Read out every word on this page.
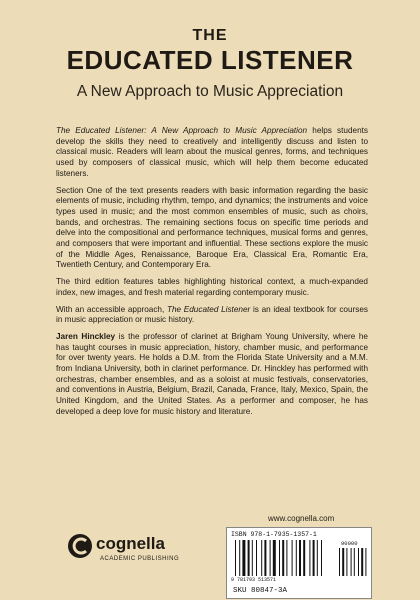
THE
EDUCATED LISTENER
A New Approach to Music Appreciation

The Educated Listener: A New Approach to Music Appreciation helps students develop the skills they need to creatively and intelligently discuss and listen to classical music. Readers will learn about the musical genres, forms, and techniques used by composers of classical music, which will help them become educated listeners.

Section One of the text presents readers with basic information regarding the basic elements of music, including rhythm, tempo, and dynamics; the instruments and voice types used in music; and the most common ensembles of music, such as choirs, bands, and orchestras. The remaining sections focus on specific time periods and delve into the compositional and performance techniques, musical forms and genres, and composers that were important and influential. These sections explore the music of the Middle Ages, Renaissance, Baroque Era, Classical Era, Romantic Era, Twentieth Century, and Contemporary Era.

The third edition features tables highlighting historical context, a much-expanded index, new images, and fresh material regarding contemporary music.

With an accessible approach, The Educated Listener is an ideal textbook for courses in music appreciation or music history.

Jaren Hinckley is the professor of clarinet at Brigham Young University, where he has taught courses in music appreciation, history, chamber music, and performance for over twenty years. He holds a D.M. from the Florida State University and a M.M. from Indiana University, both in clarinet performance. Dr. Hinckley has performed with orchestras, chamber ensembles, and as a soloist at music festivals, conservatories, and conventions in Austria, Belgium, Brazil, Canada, France, Italy, Mexico, Spain, the United Kingdom, and the United States. As a performer and composer, he has developed a deep love for music history and literature.

www.cognella.com
cognella
ACADEMIC PUBLISHING
ISBN 978-1-7935-1357-1
90000
9 781793 513571
SKU 80847-3A
